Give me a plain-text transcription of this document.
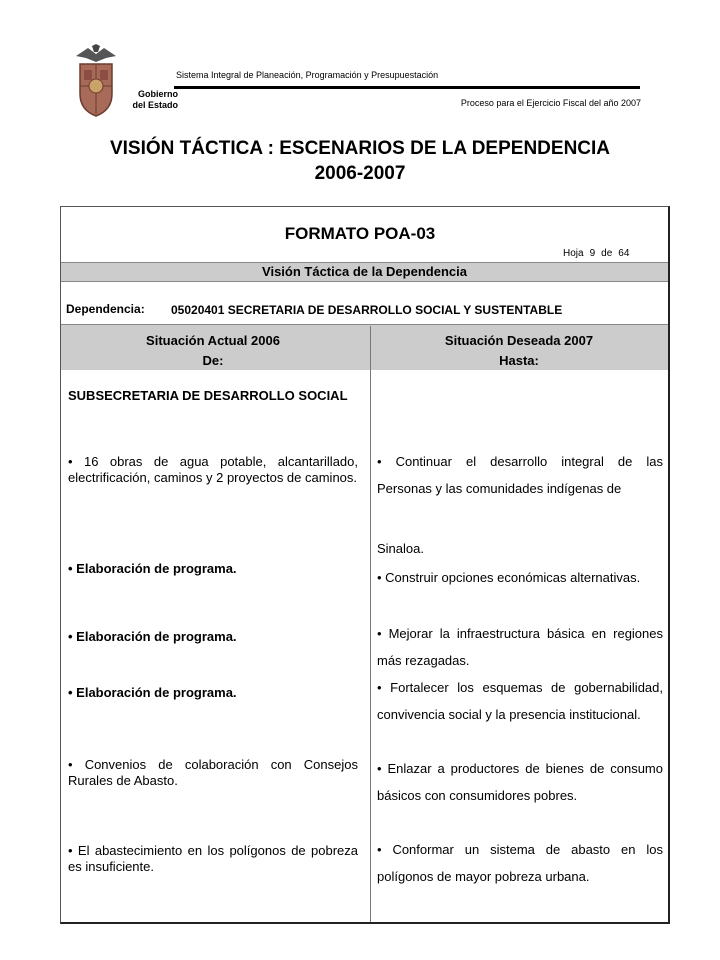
Gobierno
del Estado
Sistema Integral de Planeación, Programación y Presupuestación
Proceso para el Ejercicio Fiscal del año 2007
VISIÓN TÁCTICA : ESCENARIOS DE LA DEPENDENCIA
2006-2007
FORMATO POA-03
Hoja 9 de 64
Visión Táctica de la Dependencia
Dependencia: 05020401 SECRETARIA DE DESARROLLO SOCIAL Y SUSTENTABLE
Situación Actual 2006
De:
Situación Deseada 2007
Hasta:
SUBSECRETARIA DE DESARROLLO SOCIAL
• 16 obras de agua potable, alcantarillado, electrificación, caminos y 2 proyectos de caminos.
• Elaboración de programa.
• Elaboración de programa.
• Elaboración de programa.
• Convenios de colaboración con Consejos Rurales de Abasto.
• El abastecimiento en los polígonos de pobreza es insuficiente.
• Continuar el desarrollo integral de las
Personas y las comunidades indígenas de
Sinaloa.
• Construir opciones económicas alternativas.
• Mejorar la infraestructura básica en regiones más rezagadas.
• Fortalecer los esquemas de gobernabilidad, convivencia social y la presencia institucional.
• Enlazar a productores de bienes de consumo básicos con consumidores pobres.
• Conformar un sistema de abasto en los polígonos de mayor pobreza urbana.
